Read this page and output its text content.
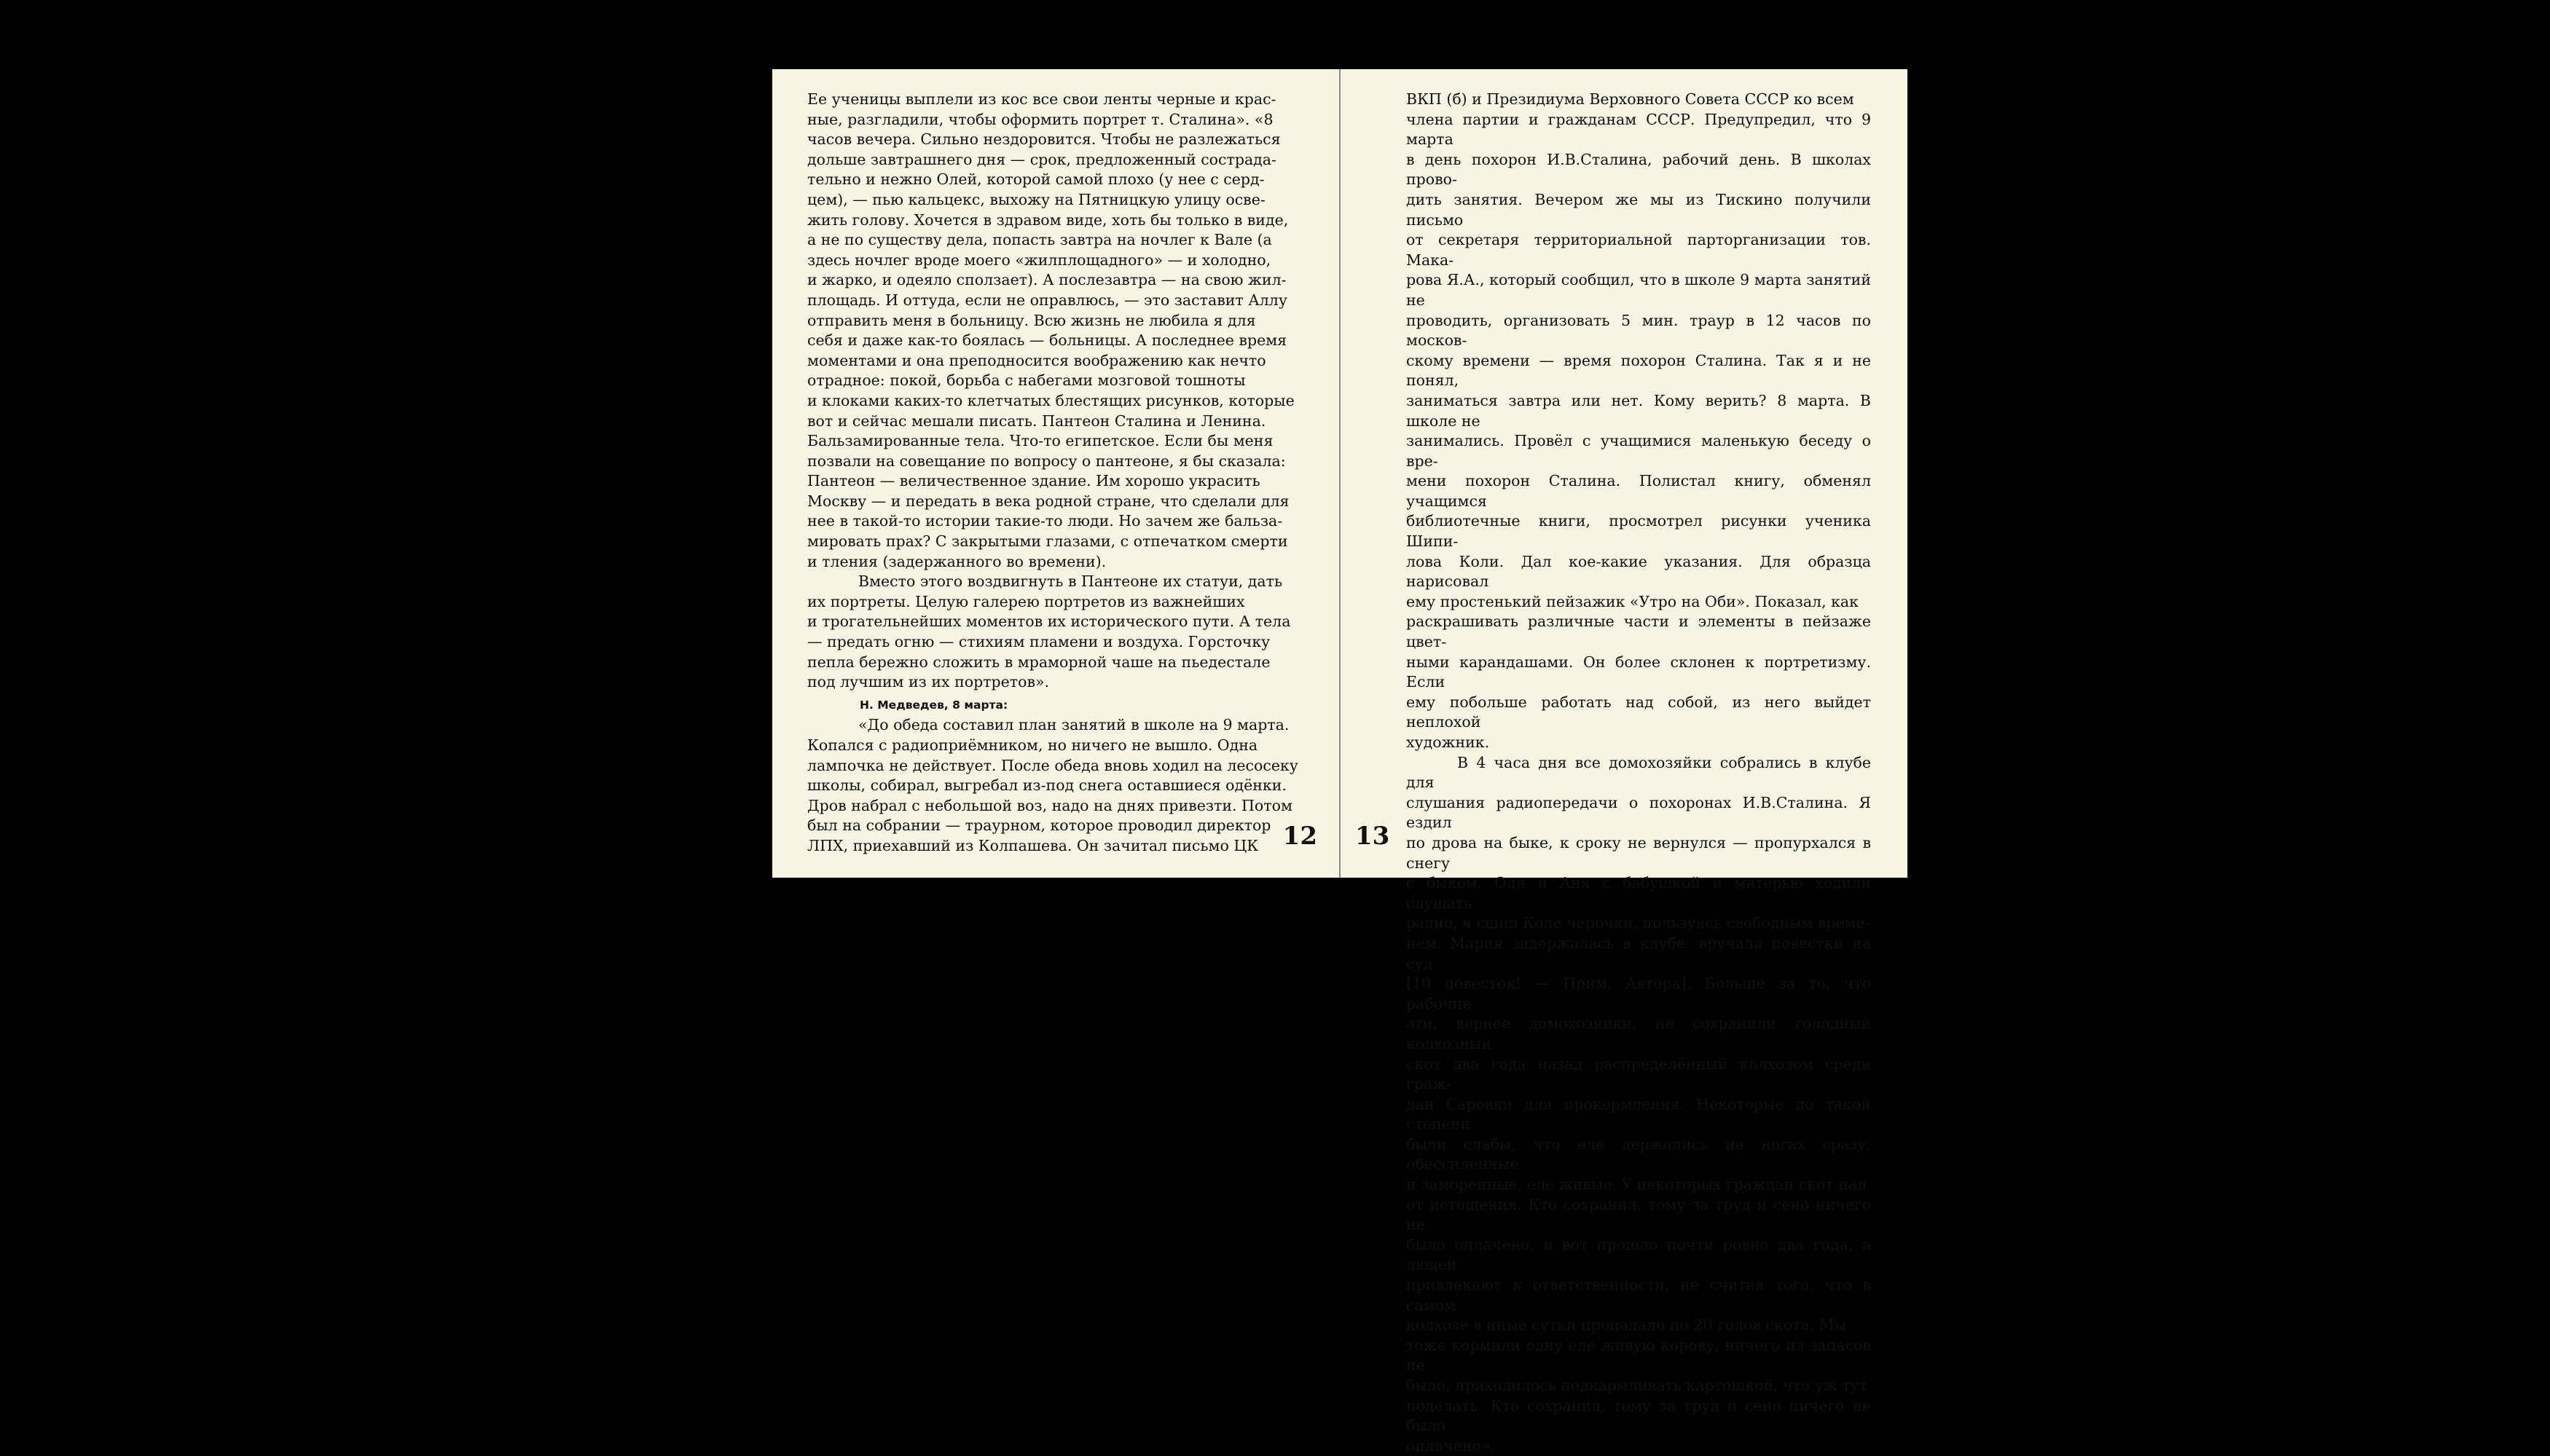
Ее ученицы выплели из кос все свои ленты черные и крас-
ные, разгладили, чтобы оформить портрет т. Сталина». «8
часов вечера. Сильно нездоровится. Чтобы не разлежаться
дольше завтрашнего дня — срок, предложенный сострада-
тельно и нежно Олей, которой самой плохо (у нее с серд-
цем), — пью кальцекс, выхожу на Пятницкую улицу осве-
жить голову. Хочется в здравом виде, хоть бы только в виде,
а не по существу дела, попасть завтра на ночлег к Вале (а
здесь ночлег вроде моего «жилплощадного» — и холодно,
и жарко, и одеяло сползает). А послезавтра — на свою жил-
площадь. И оттуда, если не оправлюсь, — это заставит Аллу
отправить меня в больницу. Всю жизнь не любила я для
себя и даже как-то боялась — больницы. А последнее время
моментами и она преподносится воображению как нечто
отрадное: покой, борьба с набегами мозговой тошноты
и клоками каких-то клетчатых блестящих рисунков, которые
вот и сейчас мешали писать. Пантеон Сталина и Ленина.
Бальзамированные тела. Что-то египетское. Если бы меня
позвали на совещание по вопросу о пантеоне, я бы сказала:
Пантеон — величественное здание. Им хорошо украсить
Москву — и передать в века родной стране, что сделали для
нее в такой-то истории такие-то люди. Но зачем же бальза-
мировать прах? С закрытыми глазами, с отпечатком смерти
и тления (задержанного во времени).

Вместо этого воздвигнуть в Пантеоне их статуи, дать
их портреты. Целую галерею портретов из важнейших
и трогательнейших моментов их исторического пути. А тела
— предать огню — стихиям пламени и воздуха. Горсточку
пепла бережно сложить в мраморной чаше на пьедестале
под лучшим из их портретов».

Н. Медведев, 8 марта:

«До обеда составил план занятий в школе на 9 марта.
Копался с радиоприёмником, но ничего не вышло. Одна
лампочка не действует. После обеда вновь ходил на лесосеку
школы, собирал, выгребал из-под снега оставшиеся одёнки.
Дров набрал с небольшой воз, надо на днях привезти. Потом
был на собрании — траурном, которое проводил директор
ЛПХ, приехавший из Колпашева. Он зачитал письмо ЦК 12

ВКП (б) и Президиума Верховного Совета СССР ко всем
члена партии и гражданам СССР. Предупредил, что 9 марта
в день похорон И.В.Сталина, рабочий день. В школах прово-
дить занятия. Вечером же мы из Тискино получили письмо
от секретаря территориальной парторганизации тов. Мака-
рова Я.А., который сообщил, что в школе 9 марта занятий не
проводить, организовать 5 мин. траур в 12 часов по москов-
скому времени — время похорон Сталина. Так я и не понял,
заниматься завтра или нет. Кому верить? 8 марта. В школе не
занимались. Провёл с учащимися маленькую беседу о вре-
мени похорон Сталина. Полистал книгу, обменял учащимся
библиотечные книги, просмотрел рисунки ученика Шипи-
лова Коли. Дал кое-какие указания. Для образца нарисовал
ему простенький пейзажик «Утро на Оби». Показал, как
раскрашивать различные части и элементы в пейзаже цвет-
ными карандашами. Он более склонен к портретизму. Если
ему побольше работать над собой, из него выйдет неплохой
художник.

В 4 часа дня все домохозяйки собрались в клубе для
слушания радиопередачи о похоронах И.В.Сталина. Я ездил
по дрова на быке, к сроку не вернулся — пропурхался в снегу
с быком. Оля и Аня с бабушкой и матерью ходили слушать
радио, я сшил Коле черочки, пользуясь свободным време-
нем. Мария задержалась в клубе: вручала повестки на суд
[10 повесток! — Прим. Автора]. Больше за то, что рабочие
эти, вернее домохозяйки, не сохранили голодный колхозный
скот два года назад распределённый колхозом среди граж-
дан Саровки для прокормления. Некоторые до такой степени
были слабы, что еле держались на ногах сразу, обессиленные
и заморенные, еле живые. У некоторых граждан скот пал
от истощения. Кто сохранил, тому за труд и сено ничего не
было оплачено, и вот прошло почти ровно два года, а людей
привлекают к ответственности, не считая того, что в самом
колхозе в иные сутки пропадало по 20 голов скота. Мы
тоже кормили одну еле живую корову, ничего из запасов не
было, приходилось подкармливать картошкой, что уж тут
поделать. Кто сохранил, тому за труд и сено ничего не было
оплачено».

13
